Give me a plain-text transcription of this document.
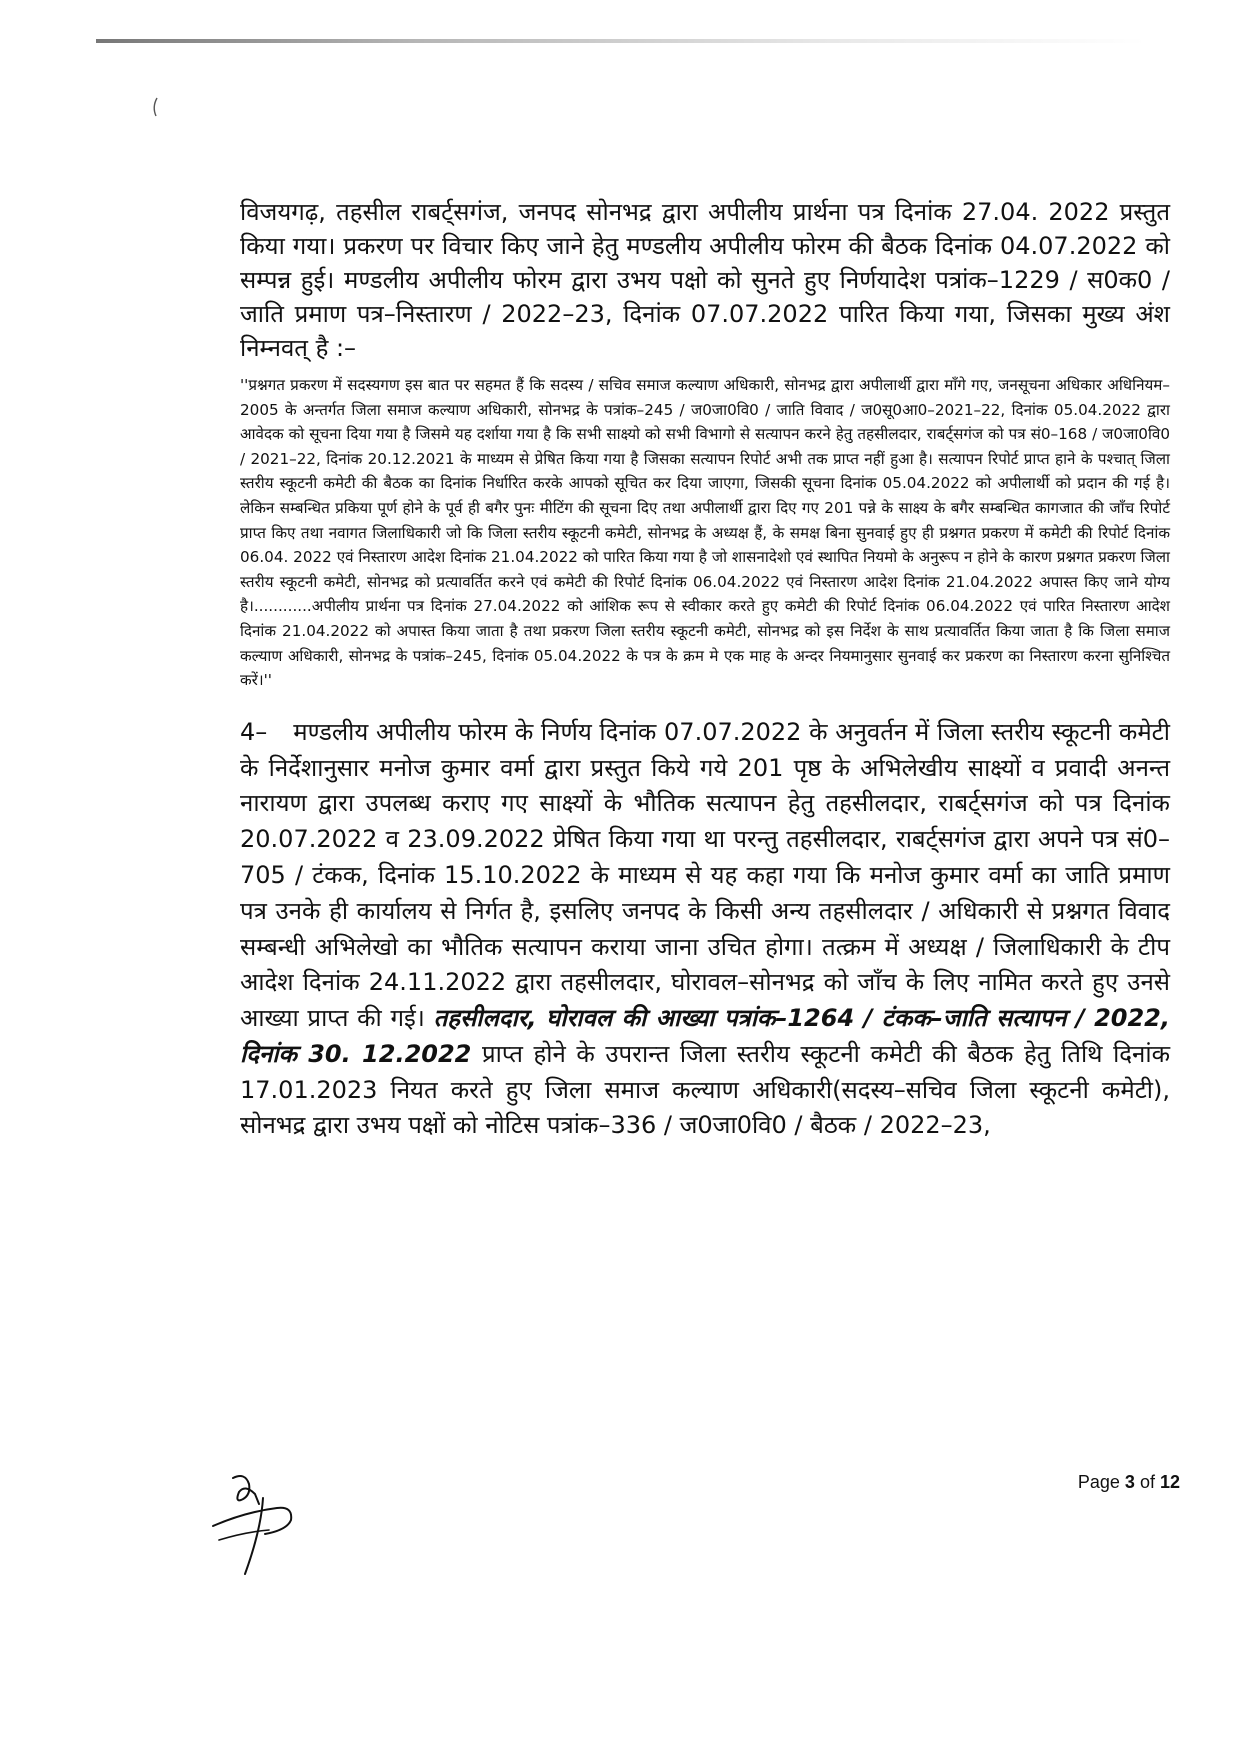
विजयगढ़, तहसील राबर्ट्सगंज, जनपद सोनभद्र द्वारा अपीलीय प्रार्थना पत्र दिनांक 27.04. 2022 प्रस्तुत किया गया। प्रकरण पर विचार किए जाने हेतु मण्डलीय अपीलीय फोरम की बैठक दिनांक 04.07.2022 को सम्पन्न हुई। मण्डलीय अपीलीय फोरम द्वारा उभय पक्षो को सुनते हुए निर्णयादेश पत्रांक–1229 / स0क0 / जाति प्रमाण पत्र–निस्तारण / 2022–23, दिनांक 07.07.2022 पारित किया गया, जिसका मुख्य अंश निम्नवत् है :–

''प्रश्नगत प्रकरण में सदस्यगण इस बात पर सहमत हैं कि सदस्य / सचिव समाज कल्याण अधिकारी, सोनभद्र द्वारा अपीलार्थी द्वारा माँगे गए, जनसूचना अधिकार अधिनियम–2005 के अन्तर्गत जिला समाज कल्याण अधिकारी, सोनभद्र के पत्रांक–245 / ज0जा0वि0 / जाति विवाद / ज0सू0आ0–2021–22, दिनांक 05.04.2022 द्वारा आवेदक को सूचना दिया गया है जिसमे यह दर्शाया गया है कि सभी साक्ष्यो को सभी विभागो से सत्यापन करने हेतु तहसीलदार, राबर्ट्सगंज को पत्र सं0–168 / ज0जा0वि0 / 2021–22, दिनांक 20.12.2021 के माध्यम से प्रेषित किया गया है जिसका सत्यापन रिपोर्ट अभी तक प्राप्त नहीं हुआ है। सत्यापन रिपोर्ट प्राप्त हाने के पश्चात् जिला स्तरीय स्कूटनी कमेटी की बैठक का दिनांक निर्धारित करके आपको सूचित कर दिया जाएगा, जिसकी सूचना दिनांक 05.04.2022 को अपीलार्थी को प्रदान की गई है। लेकिन सम्बन्धित प्रकिया पूर्ण होने के पूर्व ही बगैर पुनः मीटिंग की सूचना दिए तथा अपीलार्थी द्वारा दिए गए 201 पन्ने के साक्ष्य के बगैर सम्बन्धित कागजात की जाँच रिपोर्ट प्राप्त किए तथा नवागत जिलाधिकारी जो कि जिला स्तरीय स्कूटनी कमेटी, सोनभद्र के अध्यक्ष हैं, के समक्ष बिना सुनवाई हुए ही प्रश्नगत प्रकरण में कमेटी की रिपोर्ट दिनांक 06.04. 2022 एवं निस्तारण आदेश दिनांक 21.04.2022 को पारित किया गया है जो शासनादेशो एवं स्थापित नियमो के अनुरूप न होने के कारण प्रश्नगत प्रकरण जिला स्तरीय स्कूटनी कमेटी, सोनभद्र को प्रत्यावर्तित करने एवं कमेटी की रिपोर्ट दिनांक 06.04.2022 एवं निस्तारण आदेश दिनांक 21.04.2022 अपास्त किए जाने योग्य है।............अपीलीय प्रार्थना पत्र दिनांक 27.04.2022 को आंशिक रूप से स्वीकार करते हुए कमेटी की रिपोर्ट दिनांक 06.04.2022 एवं पारित निस्तारण आदेश दिनांक 21.04.2022 को अपास्त किया जाता है तथा प्रकरण जिला स्तरीय स्कूटनी कमेटी, सोनभद्र को इस निर्देश के साथ प्रत्यावर्तित किया जाता है कि जिला समाज कल्याण अधिकारी, सोनभद्र के पत्रांक–245, दिनांक 05.04.2022 के पत्र के क्रम मे एक माह के अन्दर नियमानुसार सुनवाई कर प्रकरण का निस्तारण करना सुनिश्चित करें।''

4– मण्डलीय अपीलीय फोरम के निर्णय दिनांक 07.07.2022 के अनुवर्तन में जिला स्तरीय स्कूटनी कमेटी के निर्देशानुसार मनोज कुमार वर्मा द्वारा प्रस्तुत किये गये 201 पृष्ठ के अभिलेखीय साक्ष्यों व प्रवादी अनन्त नारायण द्वारा उपलब्ध कराए गए साक्ष्यों के भौतिक सत्यापन हेतु तहसीलदार, राबर्ट्सगंज को पत्र दिनांक 20.07.2022 व 23.09.2022 प्रेषित किया गया था परन्तु तहसीलदार, राबर्ट्सगंज द्वारा अपने पत्र सं0–705 / टंकक, दिनांक 15.10.2022 के माध्यम से यह कहा गया कि मनोज कुमार वर्मा का जाति प्रमाण पत्र उनके ही कार्यालय से निर्गत है, इसलिए जनपद के किसी अन्य तहसीलदार / अधिकारी से प्रश्नगत विवाद सम्बन्धी अभिलेखो का भौतिक सत्यापन कराया जाना उचित होगा। तत्क्रम में अध्यक्ष / जिलाधिकारी के टीप आदेश दिनांक 24.11.2022 द्वारा तहसीलदार, घोरावल–सोनभद्र को जाँच के लिए नामित करते हुए उनसे आख्या प्राप्त की गई। तहसीलदार, घोरावल की आख्या पत्रांक–1264 / टंकक–जाति सत्यापन / 2022, दिनांक 30. 12.2022 प्राप्त होने के उपरान्त जिला स्तरीय स्कूटनी कमेटी की बैठक हेतु तिथि दिनांक 17.01.2023 नियत करते हुए जिला समाज कल्याण अधिकारी(सदस्य–सचिव जिला स्कूटनी कमेटी), सोनभद्र द्वारा उभय पक्षों को नोटिस पत्रांक–336 / ज0जा0वि0 / बैठक / 2022–23,

Page 3 of 12
